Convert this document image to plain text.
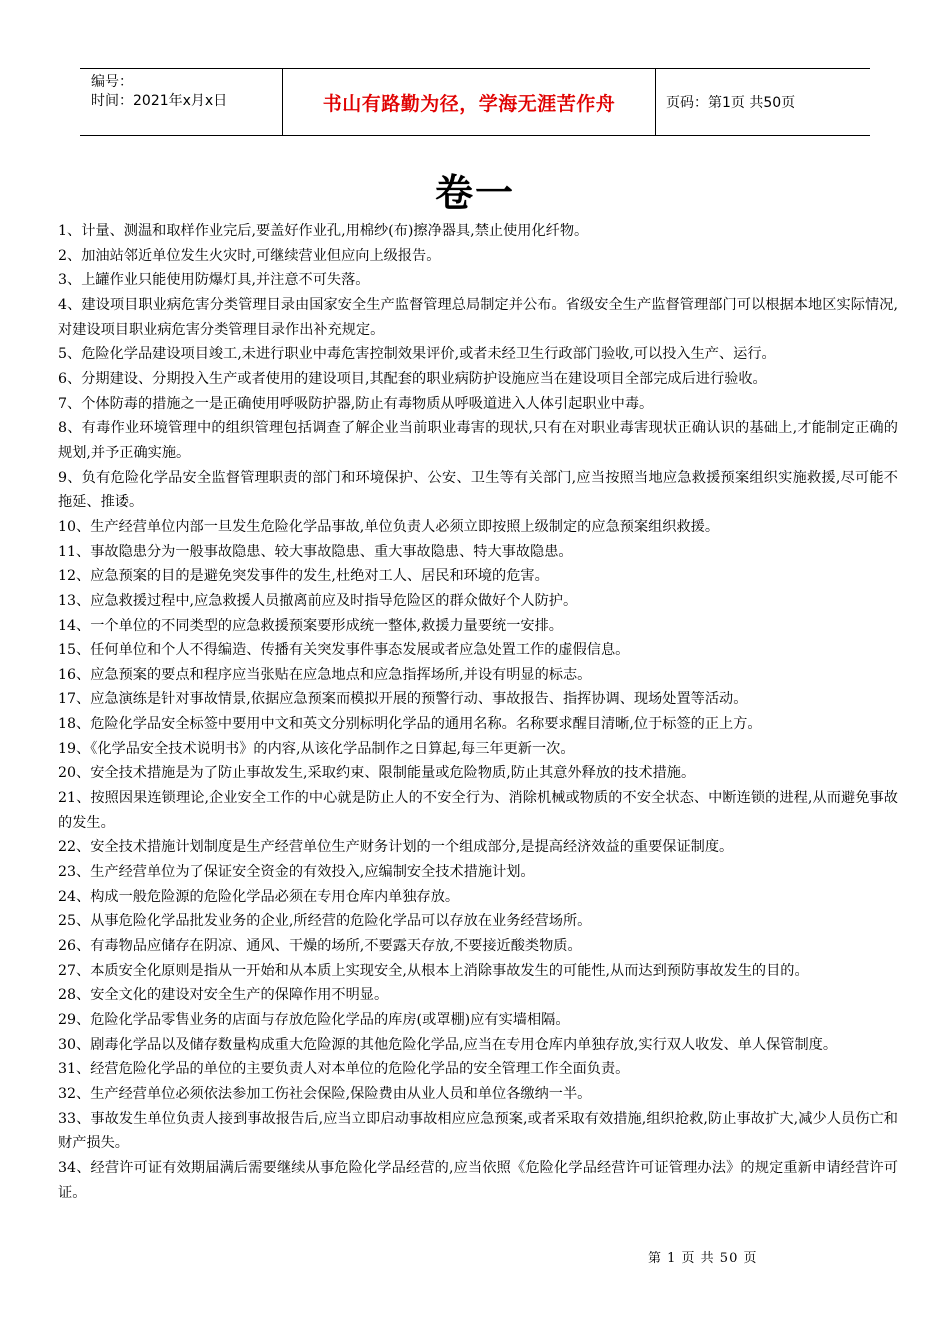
编号：
时间：2021年x月x日	书山有路勤为径，学海无涯苦作舟	页码：第1页 共50页
卷一

1、计量、测温和取样作业完后,要盖好作业孔,用棉纱(布)擦净器具,禁止使用化纤物。

2、加油站邻近单位发生火灾时,可继续营业但应向上级报告。

3、上罐作业只能使用防爆灯具,并注意不可失落。

4、建设项目职业病危害分类管理目录由国家安全生产监督管理总局制定并公布。省级安全生产监督管理部门可以根据本地区实际情况,对建设项目职业病危害分类管理目录作出补充规定。

5、危险化学品建设项目竣工,未进行职业中毒危害控制效果评价,或者未经卫生行政部门验收,可以投入生产、运行。

6、分期建设、分期投入生产或者使用的建设项目,其配套的职业病防护设施应当在建设项目全部完成后进行验收。

7、个体防毒的措施之一是正确使用呼吸防护器,防止有毒物质从呼吸道进入人体引起职业中毒。

8、有毒作业环境管理中的组织管理包括调查了解企业当前职业毒害的现状,只有在对职业毒害现状正确认识的基础上,才能制定正确的规划,并予正确实施。

9、负有危险化学品安全监督管理职责的部门和环境保护、公安、卫生等有关部门,应当按照当地应急救援预案组织实施救援,尽可能不拖延、推诿。

10、生产经营单位内部一旦发生危险化学品事故,单位负责人必须立即按照上级制定的应急预案组织救援。

11、事故隐患分为一般事故隐患、较大事故隐患、重大事故隐患、特大事故隐患。

12、应急预案的目的是避免突发事件的发生,杜绝对工人、居民和环境的危害。

13、应急救援过程中,应急救援人员撤离前应及时指导危险区的群众做好个人防护。

14、一个单位的不同类型的应急救援预案要形成统一整体,救援力量要统一安排。

15、任何单位和个人不得编造、传播有关突发事件事态发展或者应急处置工作的虚假信息。

16、应急预案的要点和程序应当张贴在应急地点和应急指挥场所,并设有明显的标志。

17、应急演练是针对事故情景,依据应急预案而模拟开展的预警行动、事故报告、指挥协调、现场处置等活动。

18、危险化学品安全标签中要用中文和英文分别标明化学品的通用名称。名称要求醒目清晰,位于标签的正上方。

19、《化学品安全技术说明书》的内容,从该化学品制作之日算起,每三年更新一次。

20、安全技术措施是为了防止事故发生,采取约束、限制能量或危险物质,防止其意外释放的技术措施。

21、按照因果连锁理论,企业安全工作的中心就是防止人的不安全行为、消除机械或物质的不安全状态、中断连锁的进程,从而避免事故的发生。

22、安全技术措施计划制度是生产经营单位生产财务计划的一个组成部分,是提高经济效益的重要保证制度。

23、生产经营单位为了保证安全资金的有效投入,应编制安全技术措施计划。

24、构成一般危险源的危险化学品必须在专用仓库内单独存放。

25、从事危险化学品批发业务的企业,所经营的危险化学品可以存放在业务经营场所。

26、有毒物品应储存在阴凉、通风、干燥的场所,不要露天存放,不要接近酸类物质。

27、本质安全化原则是指从一开始和从本质上实现安全,从根本上消除事故发生的可能性,从而达到预防事故发生的目的。

28、安全文化的建设对安全生产的保障作用不明显。

29、危险化学品零售业务的店面与存放危险化学品的库房(或罩棚)应有实墙相隔。

30、剧毒化学品以及储存数量构成重大危险源的其他危险化学品,应当在专用仓库内单独存放,实行双人收发、单人保管制度。

31、经营危险化学品的单位的主要负责人对本单位的危险化学品的安全管理工作全面负责。

32、生产经营单位必须依法参加工伤社会保险,保险费由从业人员和单位各缴纳一半。

33、事故发生单位负责人接到事故报告后,应当立即启动事故相应应急预案,或者采取有效措施,组织抢救,防止事故扩大,减少人员伤亡和财产损失。

34、经营许可证有效期届满后需要继续从事危险化学品经营的,应当依照《危险化学品经营许可证管理办法》的规定重新申请经营许可证。

第 1 页 共 50 页
